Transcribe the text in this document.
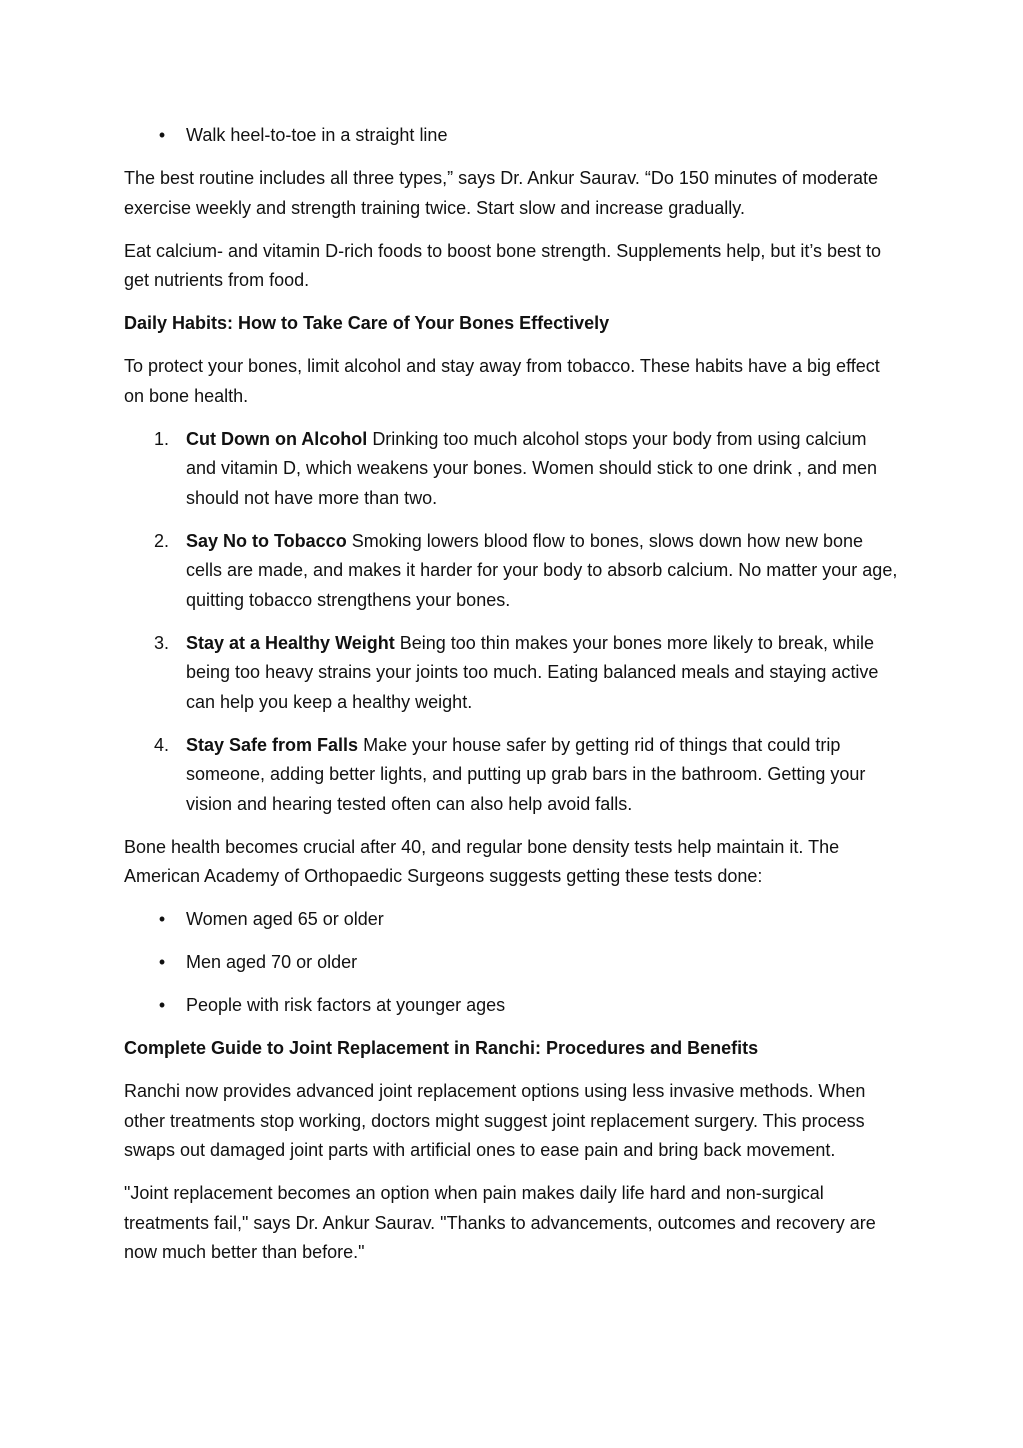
• Walk heel-to-toe in a straight line

The best routine includes all three types,” says Dr. Ankur Saurav. “Do 150 minutes of moderate exercise weekly and strength training twice. Start slow and increase gradually.

Eat calcium- and vitamin D-rich foods to boost bone strength. Supplements help, but it’s best to get nutrients from food.

Daily Habits: How to Take Care of Your Bones Effectively

To protect your bones, limit alcohol and stay away from tobacco. These habits have a big effect on bone health.

1. Cut Down on Alcohol Drinking too much alcohol stops your body from using calcium and vitamin D, which weakens your bones. Women should stick to one drink , and men should not have more than two.
2. Say No to Tobacco Smoking lowers blood flow to bones, slows down how new bone cells are made, and makes it harder for your body to absorb calcium. No matter your age, quitting tobacco strengthens your bones.
3. Stay at a Healthy Weight Being too thin makes your bones more likely to break, while being too heavy strains your joints too much. Eating balanced meals and staying active can help you keep a healthy weight.
4. Stay Safe from Falls Make your house safer by getting rid of things that could trip someone, adding better lights, and putting up grab bars in the bathroom. Getting your vision and hearing tested often can also help avoid falls.

Bone health becomes crucial after 40, and regular bone density tests help maintain it. The American Academy of Orthopaedic Surgeons suggests getting these tests done:

• Women aged 65 or older
• Men aged 70 or older
• People with risk factors at younger ages

Complete Guide to Joint Replacement in Ranchi: Procedures and Benefits

Ranchi now provides advanced joint replacement options using less invasive methods. When other treatments stop working, doctors might suggest joint replacement surgery. This process swaps out damaged joint parts with artificial ones to ease pain and bring back movement.

"Joint replacement becomes an option when pain makes daily life hard and non-surgical treatments fail," says Dr. Ankur Saurav. "Thanks to advancements, outcomes and recovery are now much better than before."
